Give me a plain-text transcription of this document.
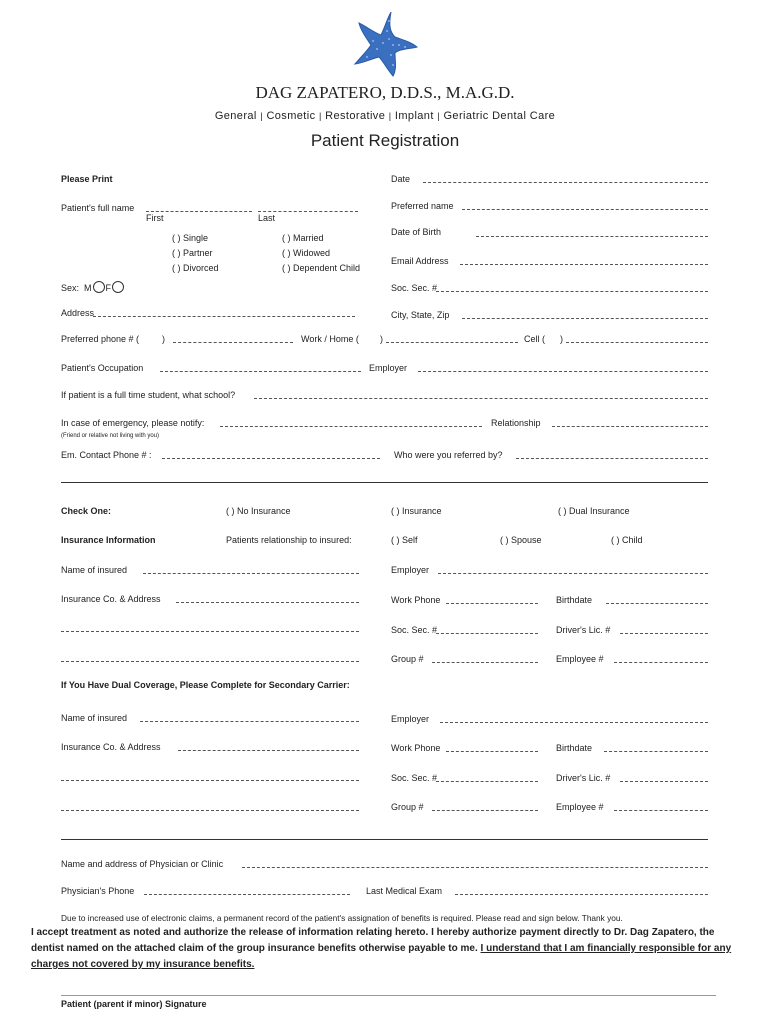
DAG ZAPATERO, D.D.S., M.A.G.D.
General | Cosmetic | Restorative | Implant | Geriatric Dental Care
Patient Registration
Please Print	Date
Patient's full name
First	Last
Preferred name
( ) Single
( ) Partner
( ) Divorced
( ) Married
( ) Widowed
( ) Dependent Child
Date of Birth
Email Address
Sex: M F	Soc. Sec. #
Address	City, State, Zip
Preferred phone # (	)	Work / Home ( )	Cell ( )
Patient's Occupation	Employer
If patient is a full time student, what school?
In case of emergency, please notify:	Relationship
(Friend or relative not living with you)
Em. Contact Phone # :	Who were you referred by?
Check One:	( ) No Insurance	( ) Insurance	( ) Dual Insurance
Insurance Information	Patients relationship to insured:	( ) Self	( ) Spouse	( ) Child
Name of insured	Employer
Insurance Co. & Address	Work Phone	Birthdate
Soc. Sec. #	Driver's Lic. #
Group #	Employee #
If You Have Dual Coverage, Please Complete for Secondary Carrier:
Name of insured	Employer
Insurance Co. & Address	Work Phone	Birthdate
Soc. Sec. #	Driver's Lic. #
Group #	Employee #
Name and address of Physician or Clinic
Physician's Phone	Last Medical Exam
Due to increased use of electronic claims, a permanent record of the patient's assignation of benefits is required. Please read and sign below. Thank you.
I accept treatment as noted and authorize the release of information relating hereto. I hereby authorize payment directly to Dr. Dag Zapatero, the dentist named on the attached claim of the group insurance benefits otherwise payable to me. I understand that I am financially responsible for any charges not covered by my insurance benefits.
Patient (parent if minor) Signature
